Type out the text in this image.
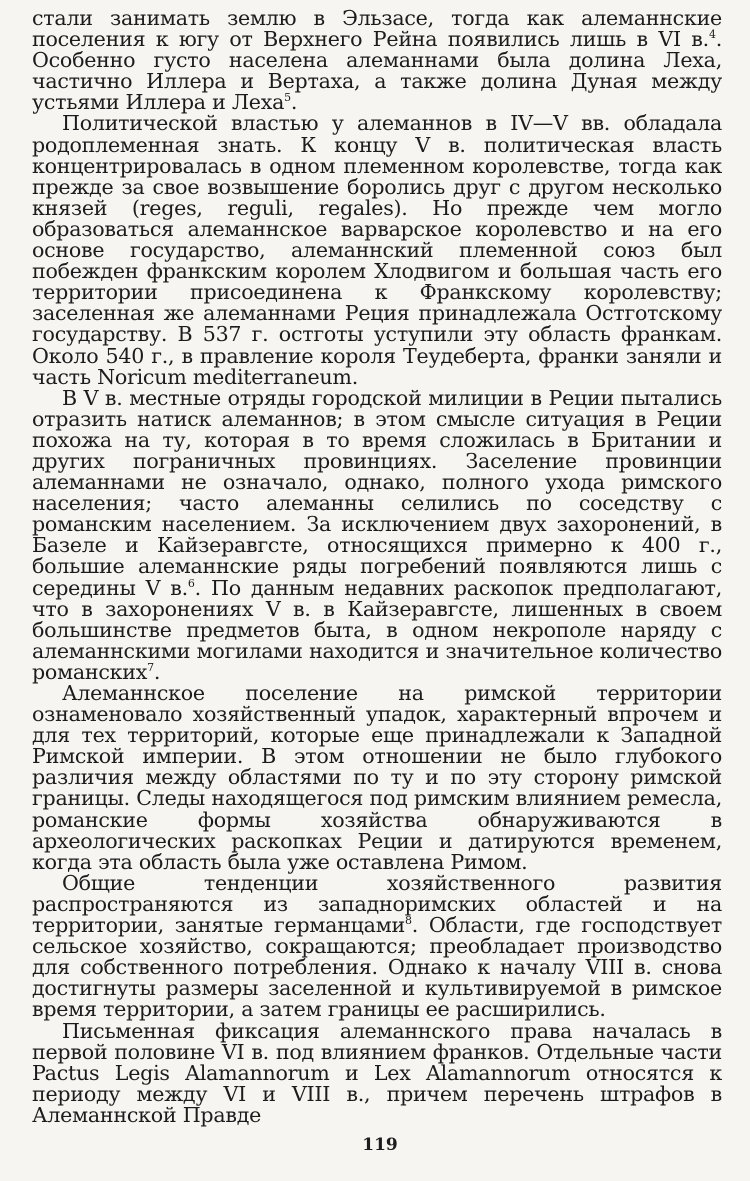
стали занимать землю в Эльзасе, тогда как алеманнские поселения к югу от Верхнего Рейна появились лишь в VI в.$^4$. Особенно густо населена алеманнами была долина Леха, частично Иллера и Вертаха, а также долина Дуная между устьями Иллера и Леха$^5$.

Политической властью у алеманнов в IV—V вв. обладала родоплеменная знать. К концу V в. политическая власть концентрировалась в одном племенном королевстве, тогда как прежде за свое возвышение боролись друг с другом несколько князей (reges, reguli, regales). Но прежде чем могло образоваться алеманнское варварское королевство и на его основе государство, алеманнский племенной союз был побежден франкским королем Хлодвигом и большая часть его территории присоединена к Франкскому королевству; заселенная же алеманнами Реция принадлежала Остготскому государству. В 537 г. остготы уступили эту область франкам. Около 540 г., в правление короля Теудеберта, франки заняли и часть Noricum mediterraneum.

В V в. местные отряды городской милиции в Реции пытались отразить натиск алеманнов; в этом смысле ситуация в Реции похожа на ту, которая в то время сложилась в Британии и других пограничных провинциях. Заселение провинции алеманнами не означало, однако, полного ухода римского населения; часто алеманны селились по соседству с романским населением. За исключением двух захоронений, в Базеле и Кайзеравгсте, относящихся примерно к 400 г., большие алеманнские ряды погребений появляются лишь с середины V в.$^6$. По данным недавних раскопок предполагают, что в захоронениях V в. в Кайзеравгсте, лишенных в своем большинстве предметов быта, в одном некрополе наряду с алеманнскими могилами находится и значительное количество романских$^7$.

Алеманнское поселение на римской территории ознаменовало хозяйственный упадок, характерный впрочем и для тех территорий, которые еще принадлежали к Западной Римской империи. В этом отношении не было глубокого различия между областями по ту и по эту сторону римской границы. Следы находящегося под римским влиянием ремесла, романские формы хозяйства обнаруживаются в археологических раскопках Реции и датируются временем, когда эта область была уже оставлена Римом.

Общие тенденции хозяйственного развития распространяются из западноримских областей и на территории, занятые германцами$^8$. Области, где господствует сельское хозяйство, сокращаются; преобладает производство для собственного потребления. Однако к началу VIII в. снова достигнуты размеры заселенной и культивируемой в римское время территории, а затем границы ее расширились.

Письменная фиксация алеманнского права началась в первой половине VI в. под влиянием франков. Отдельные части Pactus Legis Alamannorum и Lex Alamannorum относятся к периоду между VI и VIII в., причем перечень штрафов в Алеманнской Правде

119
